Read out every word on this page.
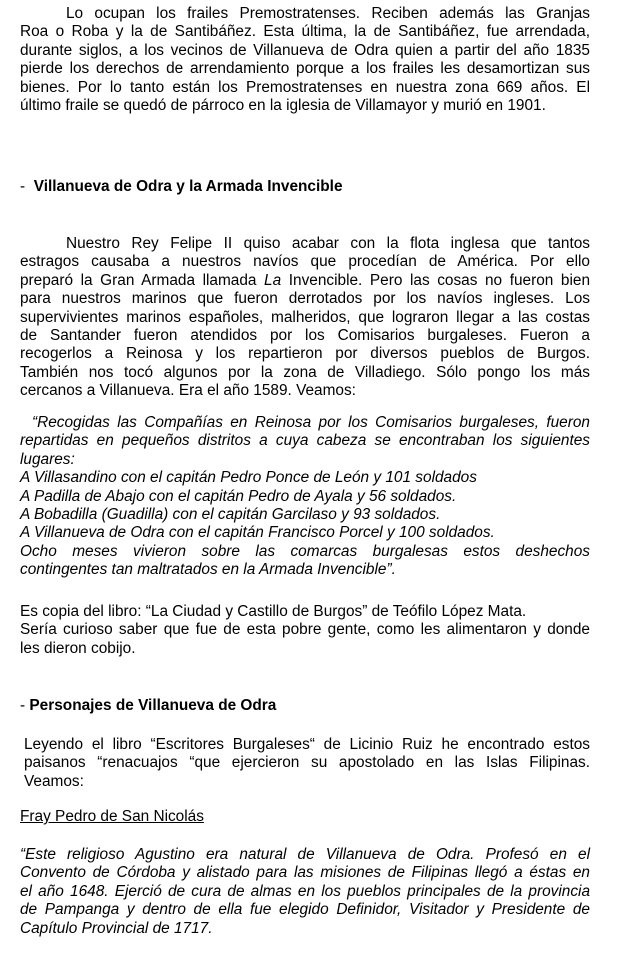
Lo ocupan los frailes Premostratenses. Reciben además las Granjas
Roa o Roba y la de Santibáñez. Esta última, la de Santibáñez, fue arrendada,
durante siglos, a los vecinos de Villanueva de Odra quien a partir del año 1835
pierde los derechos de arrendamiento porque a los frailes les desamortizan sus
bienes. Por lo tanto están los Premostratenses en nuestra zona 669 años. El
último fraile se quedó de párroco en la iglesia de Villamayor y murió en 1901.

- Villanueva de Odra y la Armada Invencible

Nuestro Rey Felipe II quiso acabar con la flota inglesa que tantos
estragos causaba a nuestros navíos que procedían de América. Por ello
preparó la Gran Armada llamada La Invencible. Pero las cosas no fueron bien
para nuestros marinos que fueron derrotados por los navíos ingleses. Los
supervivientes marinos españoles, malheridos, que lograron llegar a las costas
de Santander fueron atendidos por los Comisarios burgaleses. Fueron a
recogerlos a Reinosa y los repartieron por diversos pueblos de Burgos.
También nos tocó algunos por la zona de Villadiego. Sólo pongo los más
cercanos a Villanueva. Era el año 1589. Veamos:

“Recogidas las Compañías en Reinosa por los Comisarios burgaleses, fueron
repartidas en pequeños distritos a cuya cabeza se encontraban los siguientes
lugares:
A Villasandino con el capitán Pedro Ponce de León y 101 soldados
A Padilla de Abajo con el capitán Pedro de Ayala y 56 soldados.
A Bobadilla (Guadilla) con el capitán Garcilaso y 93 soldados.
A Villanueva de Odra con el capitán Francisco Porcel y 100 soldados.
Ocho meses vivieron sobre las comarcas burgalesas estos deshechos
contingentes tan maltratados en la Armada Invencible”.

Es copia del libro: “La Ciudad y Castillo de Burgos” de Teófilo López Mata.
Sería curioso saber que fue de esta pobre gente, como les alimentaron y donde
les dieron cobijo.

- Personajes de Villanueva de Odra

Leyendo el libro “Escritores Burgaleses“ de Licinio Ruiz he encontrado estos
paisanos “renacuajos “que ejercieron su apostolado en las Islas Filipinas.
Veamos:

Fray Pedro de San Nicolás

“Este religioso Agustino era natural de Villanueva de Odra. Profesó en el
Convento de Córdoba y alistado para las misiones de Filipinas llegó a éstas en
el año 1648. Ejerció de cura de almas en los pueblos principales de la provincia
de Pampanga y dentro de ella fue elegido Definidor, Visitador y Presidente de
Capítulo Provincial de 1717.
